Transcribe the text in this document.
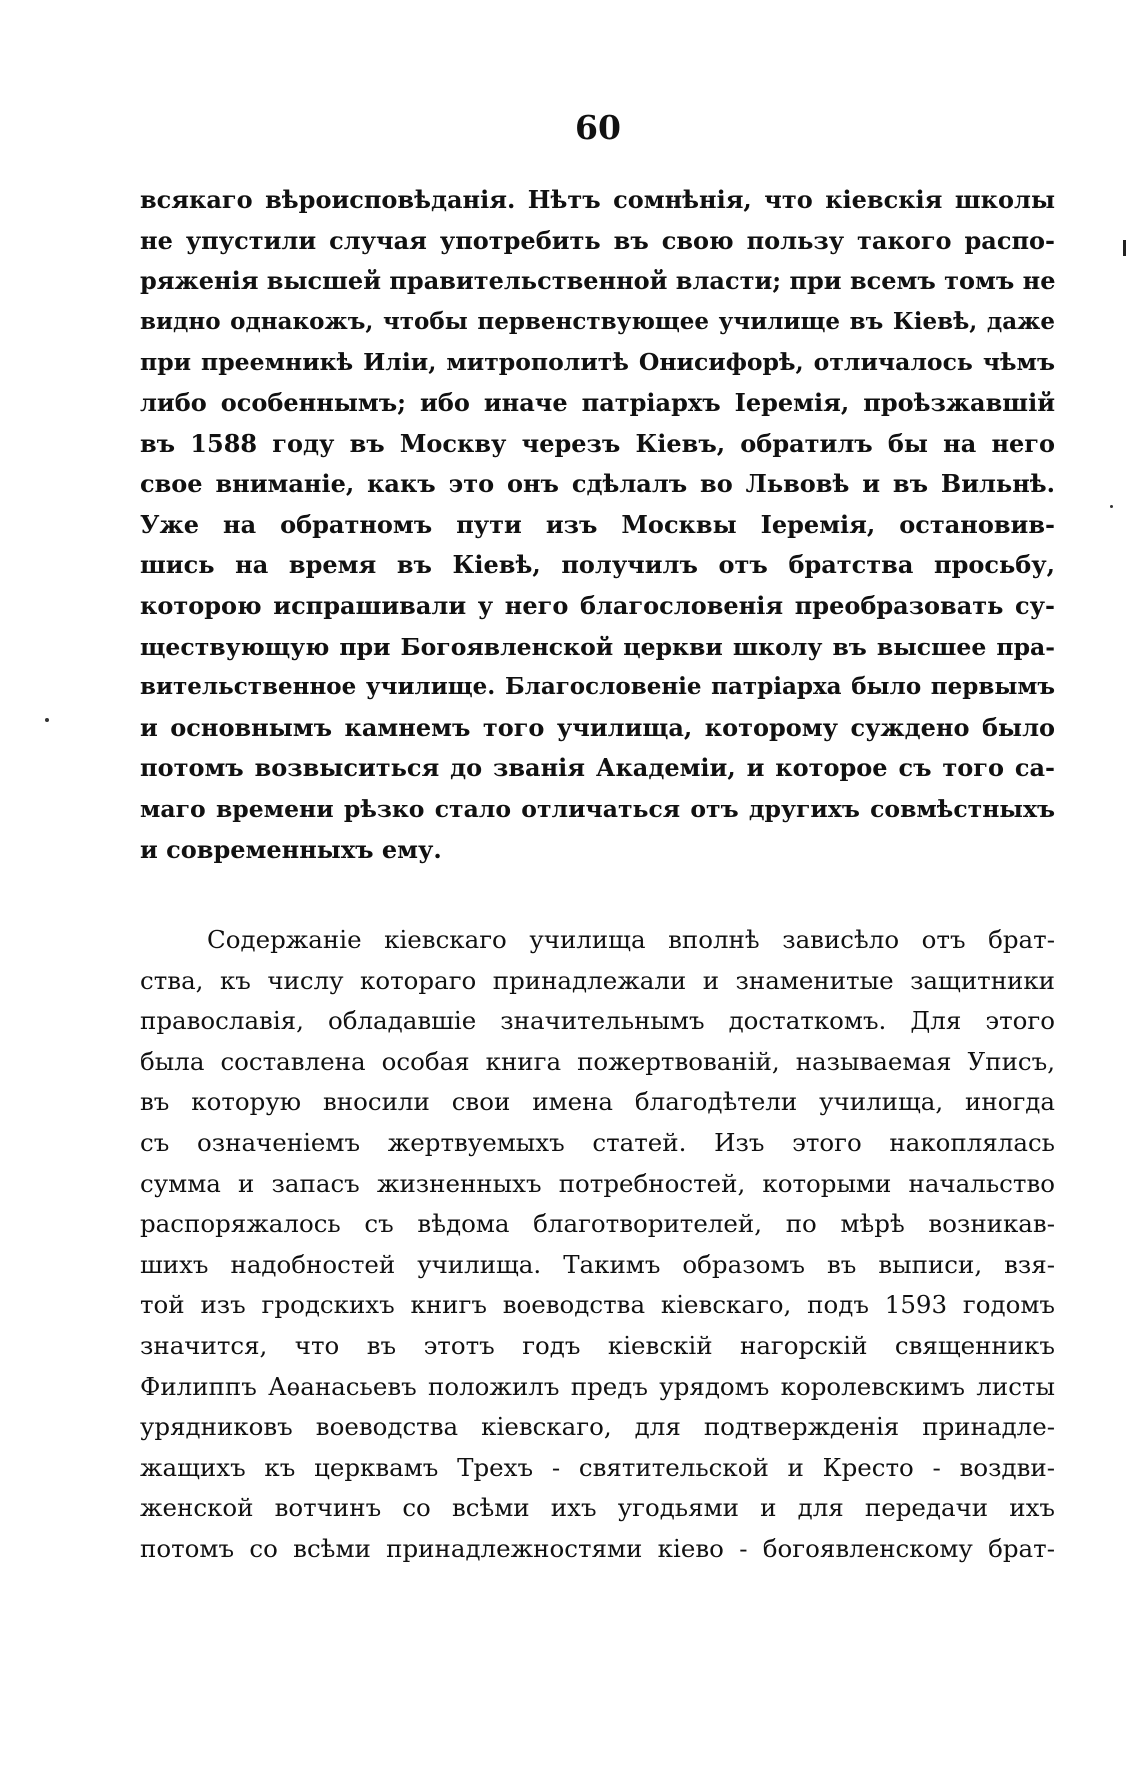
60
всякаго вѣроисповѣданія. Нѣтъ сомнѣнія, что кіевскія школы
не упустили случая употребить въ свою пользу такого распо-
ряженія высшей правительственной власти; при всемъ томъ не
видно однакожъ, чтобы первенствующее училище въ Кіевѣ, даже
при преемникѣ Иліи, митрополитѣ Онисифорѣ, отличалось чѣмъ
либо особеннымъ; ибо иначе патріархъ Іеремія, проѣзжавшій
въ 1588 году въ Москву черезъ Кіевъ, обратилъ бы на него
свое вниманіе, какъ это онъ сдѣлалъ во Львовѣ и въ Вильнѣ.
Уже на обратномъ пути изъ Москвы Іеремія, остановив-
шись на время въ Кіевѣ, получилъ отъ братства просьбу,
которою испрашивали у него благословенія преобразовать су-
ществующую при Богоявленской церкви школу въ высшее пра-
вительственное училище. Благословеніе патріарха было первымъ
и основнымъ камнемъ того училища, которому суждено было
потомъ возвыситься до званія Академіи, и которое съ того са-
маго времени рѣзко стало отличаться отъ другихъ совмѣстныхъ
и современныхъ ему.
Содержаніе кіевскаго училища вполнѣ зависѣло отъ брат-
ства, къ числу котораго принадлежали и знаменитые защитники
православія, обладавшіе значительнымъ достаткомъ. Для этого
была составлена особая книга пожертвованій, называемая Уписъ,
въ которую вносили свои имена благодѣтели училища, иногда
съ означеніемъ жертвуемыхъ статей. Изъ этого накоплялась
сумма и запасъ жизненныхъ потребностей, которыми начальство
распоряжалось съ вѣдома благотворителей, по мѣрѣ возникав-
шихъ надобностей училища. Такимъ образомъ въ выписи, взя-
той изъ гродскихъ книгъ воеводства кіевскаго, подъ 1593 годомъ
значится, что въ этотъ годъ кіевскій нагорскій священникъ
Филиппъ Аѳанасьевъ положилъ предъ урядомъ королевскимъ листы
урядниковъ воеводства кіевскаго, для подтвержденія принадле-
жащихъ къ церквамъ Трехъ - святительской и Кресто - воздви-
женской вотчинъ со всѣми ихъ угодьями и для передачи ихъ
потомъ со всѣми принадлежностями кіево - богоявленскому брат-
